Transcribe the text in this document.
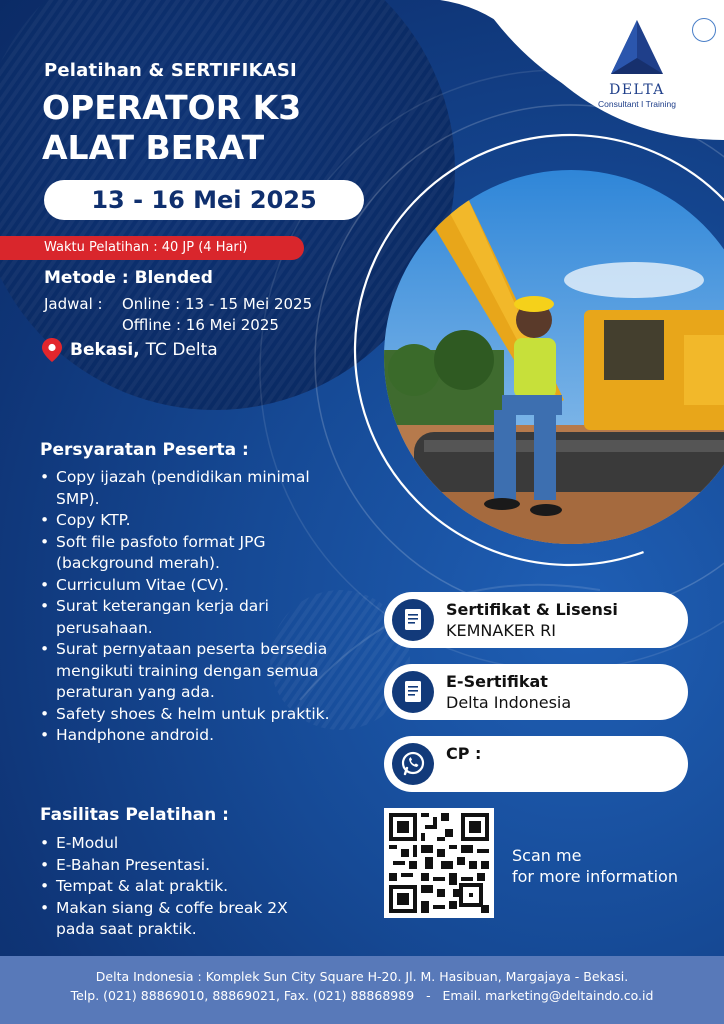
DELTA
Consultant I Training
Pelatihan & SERTIFIKASI
OPERATOR K3
ALAT BERAT
13 - 16 Mei 2025
Waktu Pelatihan : 40 JP (4 Hari)
Metode : Blended
Jadwal : Online : 13 - 15 Mei 2025
Offline : 16 Mei 2025
Bekasi, TC Delta
Persyaratan Peserta :
• Copy ijazah (pendidikan minimal SMP).
• Copy KTP.
• Soft file pasfoto format JPG (background merah).
• Curriculum Vitae (CV).
• Surat keterangan kerja dari perusahaan.
• Surat pernyataan peserta bersedia mengikuti training dengan semua peraturan yang ada.
• Safety shoes & helm untuk praktik.
• Handphone android.
Fasilitas Pelatihan :
• E-Modul
• E-Bahan Presentasi.
• Tempat & alat praktik.
• Makan siang & coffe break 2X pada saat praktik.
Sertifikat & Lisensi
KEMNAKER RI
E-Sertifikat
Delta Indonesia
CP :
Scan me
for more information
Delta Indonesia : Komplek Sun City Square H-20. Jl. M. Hasibuan, Margajaya - Bekasi.
Telp. (021) 88869010, 88869021, Fax. (021) 88868989   -   Email. marketing@deltaindo.co.id
